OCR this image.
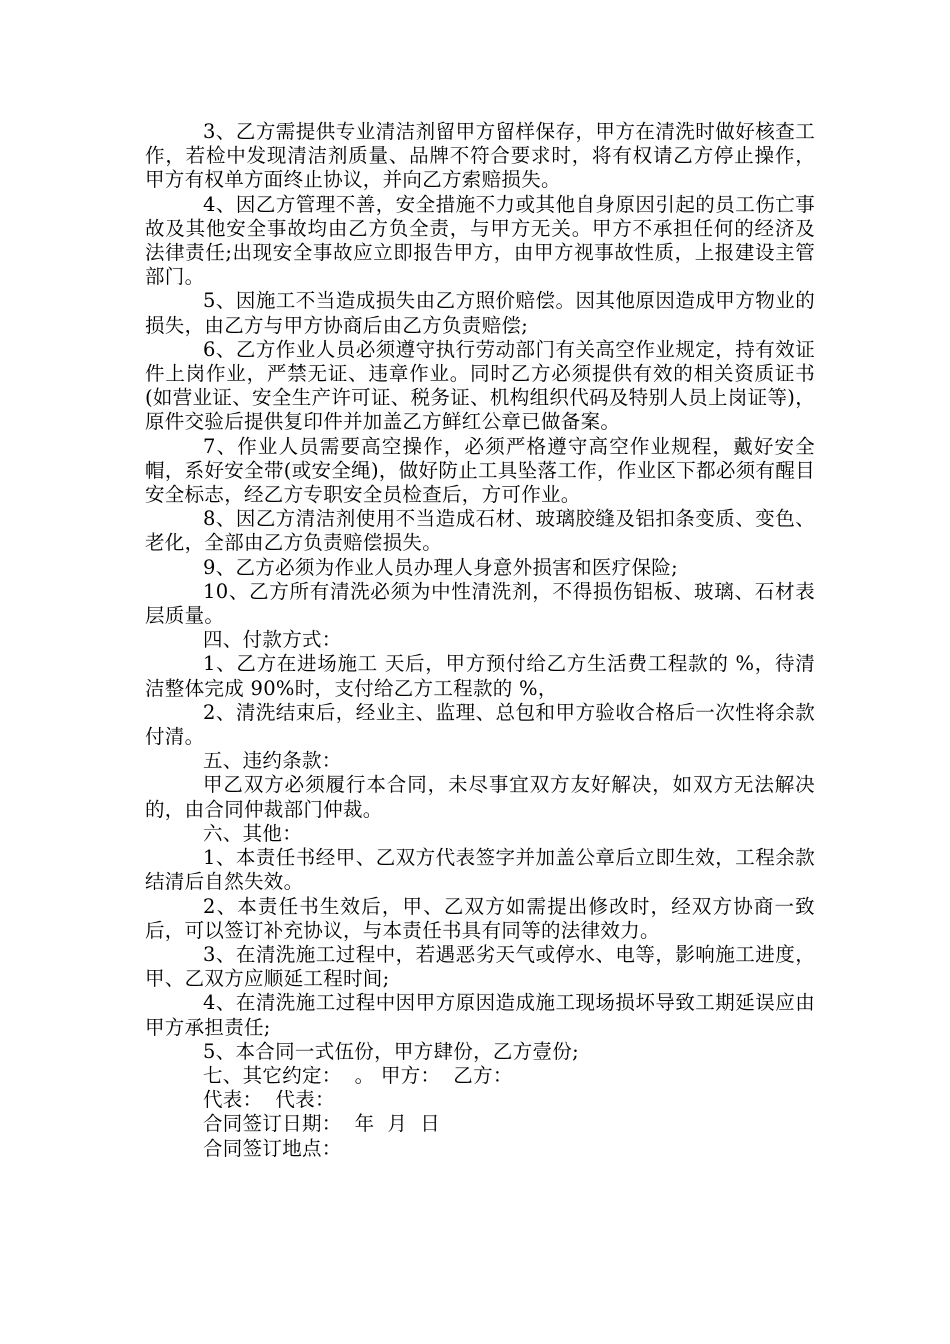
3、乙方需提供专业清洁剂留甲方留样保存，甲方在清洗时做好核查工作，若检中发现清洁剂质量、品牌不符合要求时，将有权请乙方停止操作，甲方有权单方面终止协议，并向乙方索赔损失。

4、因乙方管理不善，安全措施不力或其他自身原因引起的员工伤亡事故及其他安全事故均由乙方负全责，与甲方无关。甲方不承担任何的经济及法律责任;出现安全事故应立即报告甲方，由甲方视事故性质，上报建设主管部门。

5、因施工不当造成损失由乙方照价赔偿。因其他原因造成甲方物业的损失，由乙方与甲方协商后由乙方负责赔偿;

6、乙方作业人员必须遵守执行劳动部门有关高空作业规定，持有效证件上岗作业，严禁无证、违章作业。同时乙方必须提供有效的相关资质证书(如营业证、安全生产许可证、税务证、机构组织代码及特别人员上岗证等)，原件交验后提供复印件并加盖乙方鲜红公章已做备案。

7、作业人员需要高空操作，必须严格遵守高空作业规程，戴好安全帽，系好安全带(或安全绳)，做好防止工具坠落工作，作业区下都必须有醒目安全标志，经乙方专职安全员检查后，方可作业。

8、因乙方清洁剂使用不当造成石材、玻璃胶缝及铝扣条变质、变色、老化，全部由乙方负责赔偿损失。

9、乙方必须为作业人员办理人身意外损害和医疗保险;

10、乙方所有清洗必须为中性清洗剂，不得损伤铝板、玻璃、石材表层质量。

四、付款方式：

1、乙方在进场施工 天后，甲方预付给乙方生活费工程款的 %，待清洁整体完成 90%时，支付给乙方工程款的 %，

2、清洗结束后，经业主、监理、总包和甲方验收合格后一次性将余款付清。

五、违约条款：

甲乙双方必须履行本合同，未尽事宜双方友好解决，如双方无法解决的，由合同仲裁部门仲裁。

六、其他：

1、本责任书经甲、乙双方代表签字并加盖公章后立即生效，工程余款结清后自然失效。

2、本责任书生效后，甲、乙双方如需提出修改时，经双方协商一致后，可以签订补充协议，与本责任书具有同等的法律效力。

3、在清洗施工过程中，若遇恶劣天气或停水、电等，影响施工进度，甲、乙双方应顺延工程时间;

4、在清洗施工过程中因甲方原因造成施工现场损坏导致工期延误应由甲方承担责任;

5、本合同一式伍份，甲方肆份，乙方壹份;

七、其它约定：  。 甲方：  乙方：

代表：  代表：

合同签订日期：  年  月  日

合同签订地点：
